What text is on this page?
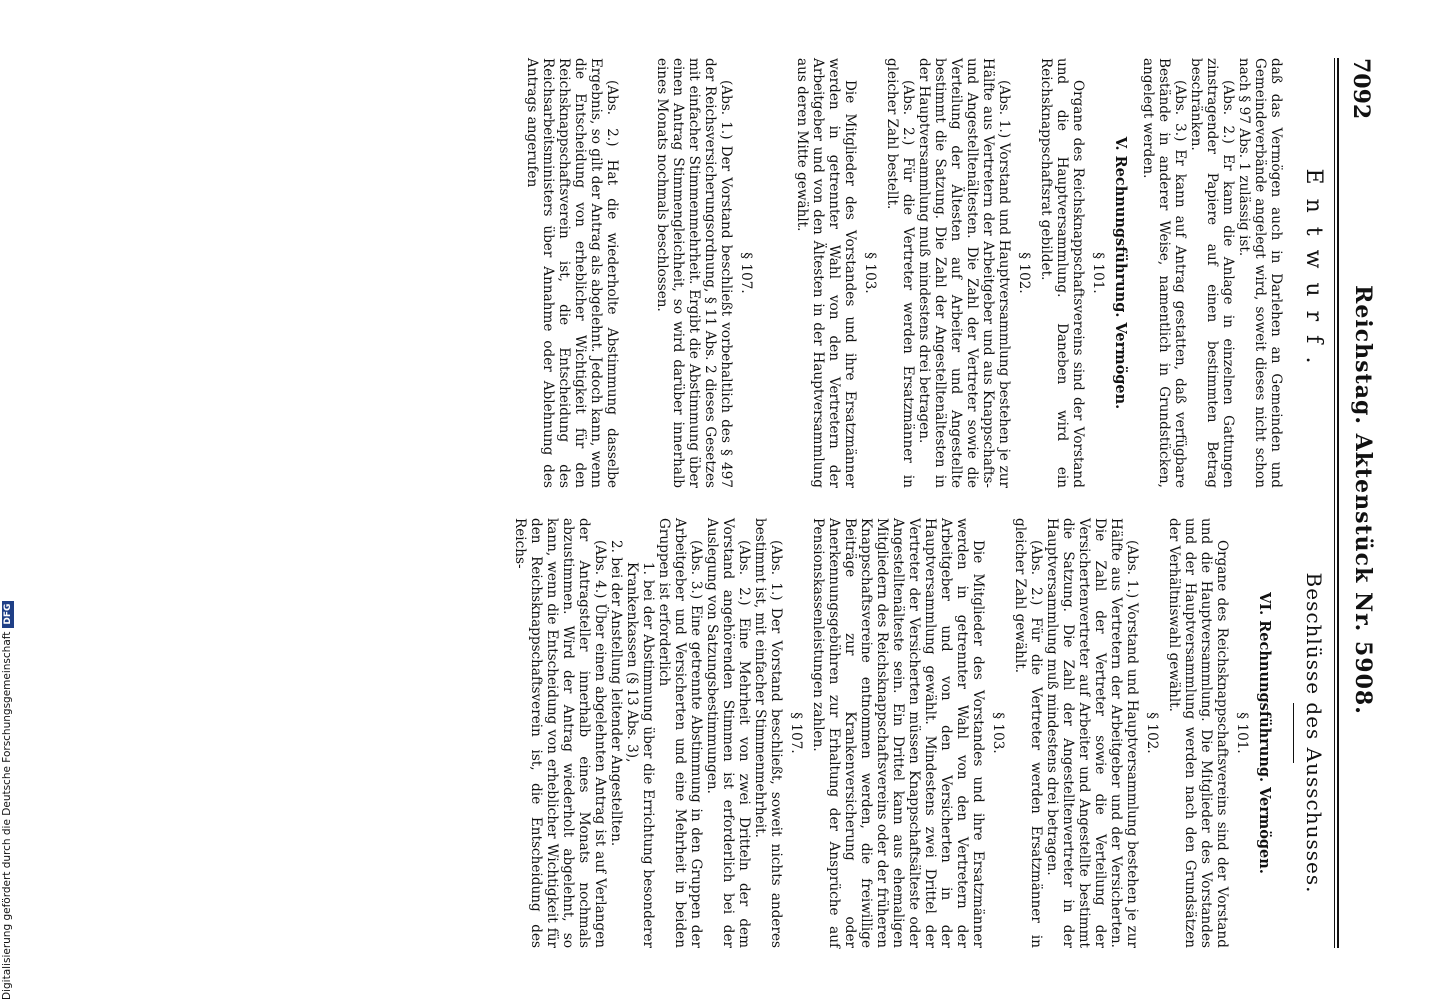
7092
Reichstag. Aktenstück Nr. 5908.
Entwurf.
Beschlüsse des Ausschusses.

daß das Vermögen auch in Darlehen an Gemeinden und Gemeindeverbände angelegt wird, soweit dieses nicht schon nach § 97 Abs. 1 zulässig ist.

(Abs. 2.) Er kann die Anlage in einzelnen Gattungen zinstragender Papiere auf einen bestimmten Betrag beschränken.

(Abs. 3.) Er kann auf Antrag gestatten, daß verfügbare Bestände in anderer Weise, namentlich in Grundstücken, angelegt werden.

V. Rechnungsführung. Vermögen.
§ 101.

Organe des Reichsknappschaftsvereins sind der Vorstand und die Hauptversammlung. Daneben wird ein Reichsknappschaftsrat gebildet.

§ 102.

(Abs. 1.) Vorstand und Hauptversammlung bestehen je zur Hälfte aus Vertretern der Arbeitgeber und aus Knappschafts- und Angestelltenältesten. Die Zahl der Vertreter sowie die Verteilung der Ältesten auf Arbeiter und Angestellte bestimmt die Satzung. Die Zahl der Angestelltenältesten in der Hauptversammlung muß mindestens drei betragen.

(Abs. 2.) Für die Vertreter werden Ersatzmänner in gleicher Zahl bestellt.

§ 103.

Die Mitglieder des Vorstandes und ihre Ersatzmänner werden in getrennter Wahl von den Vertretern der Arbeitgeber und von den Ältesten in der Hauptversammlung aus deren Mitte gewählt.

§ 107.

(Abs. 1.) Der Vorstand beschließt vorbehaltlich des § 497 der Reichsversicherungsordnung, § 11 Abs. 2 dieses Gesetzes mit einfacher Stimmenmehrheit. Ergibt die Abstimmung über einen Antrag Stimmengleichheit, so wird darüber innerhalb eines Monats nochmals beschlossen.

(Abs. 2.) Hat die wiederholte Abstimmung dasselbe Ergebnis, so gilt der Antrag als abgelehnt. Jedoch kann, wenn die Entscheidung von erheblicher Wichtigkeit für den Reichsknappschaftsverein ist, die Entscheidung des Reichsarbeitsministers über Annahme oder Ablehnung des Antrags angerufen

VI. Rechnungsführung. Vermögen.
§ 101.

Organe des Reichsknappschaftsvereins sind der Vorstand und die Hauptversammlung. Die Mitglieder des Vorstandes und der Hauptversammlung werden nach den Grundsätzen der Verhältniswahl gewählt.

§ 102.

(Abs. 1.) Vorstand und Hauptversammlung bestehen je zur Hälfte aus Vertretern der Arbeitgeber und der Versicherten. Die Zahl der Vertreter sowie die Verteilung der Versichertenvertreter auf Arbeiter und Angestellte bestimmt die Satzung. Die Zahl der Angestelltenvertreter in der Hauptversammlung muß mindestens drei betragen.

(Abs. 2.) Für die Vertreter werden Ersatzmänner in gleicher Zahl gewählt.

§ 103.

Die Mitglieder des Vorstandes und ihre Ersatzmänner werden in getrennter Wahl von den Vertretern der Arbeitgeber und von den Versicherten in der Hauptversammlung gewählt. Mindestens zwei Drittel der Vertreter der Versicherten müssen Knappschaftsälteste oder Angestelltenälteste sein. Ein Drittel kann aus ehemaligen Mitgliedern des Reichsknappschaftsvereins oder der früheren Knappschaftsvereine entnommen werden, die freiwillige Beiträge zur Krankenversicherung oder Anerkennungsgebühren zur Erhaltung der Ansprüche auf Pensionskassenleistungen zahlen.

§ 107.

(Abs. 1.) Der Vorstand beschließt, soweit nichts anderes bestimmt ist, mit einfacher Stimmenmehrheit.

(Abs. 2.) Eine Mehrheit von zwei Dritteln der dem Vorstand angehörenden Stimmen ist erforderlich bei der Auslegung von Satzungsbestimmungen.

(Abs. 3.) Eine getrennte Abstimmung in den Gruppen der Arbeitgeber und Versicherten und eine Mehrheit in beiden Gruppen ist erforderlich

1. bei der Abstimmung über die Errichtung besonderer Krankenkassen (§ 13 Abs. 3),
2. bei der Anstellung leitender Angestellten.

(Abs. 4.) Über einen abgelehnten Antrag ist auf Verlangen der Antragsteller innerhalb eines Monats nochmals abzustimmen. Wird der Antrag wiederholt abgelehnt, so kann, wenn die Entscheidung von erheblicher Wichtigkeit für den Reichsknappschaftsverein ist, die Entscheidung des Reichs-

Digitalisierung gefördert durch die Deutsche ForschungsgemeinschaftDFG
